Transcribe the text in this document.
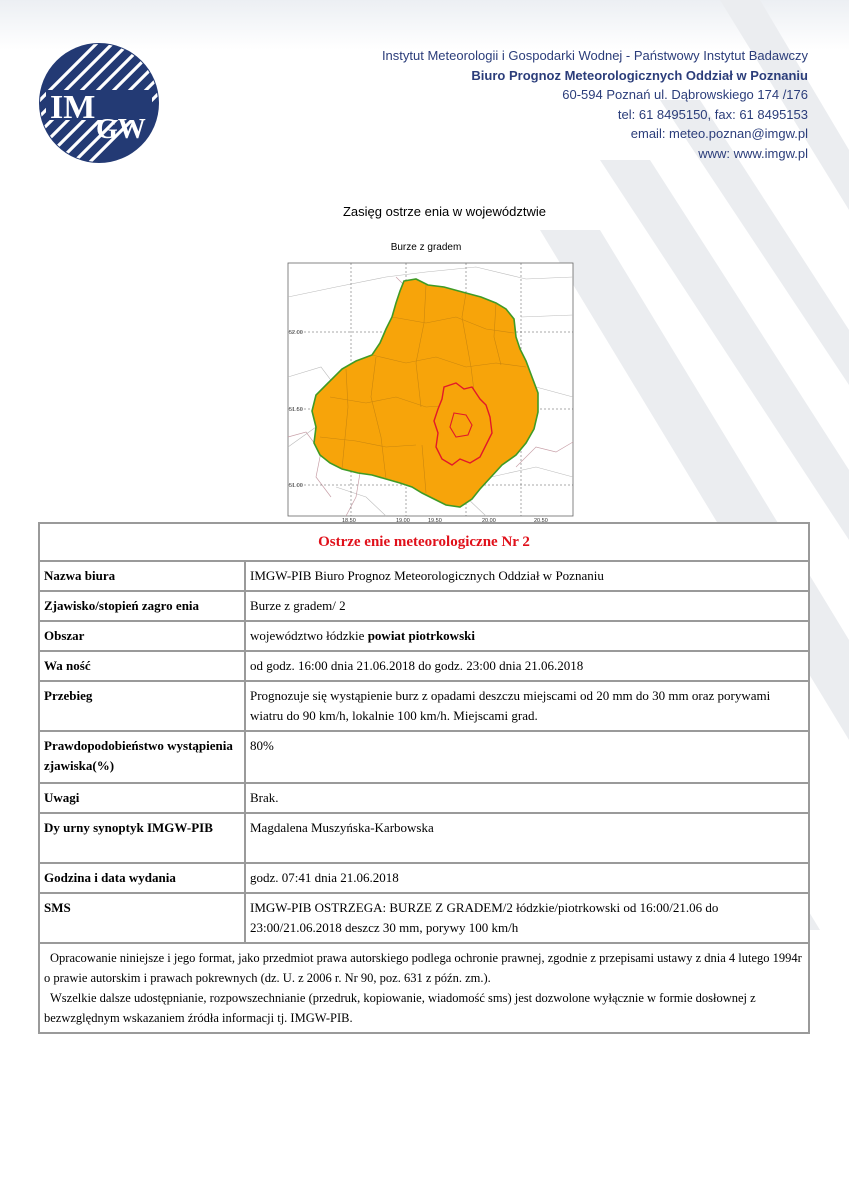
IM
GW
Instytut Meteorologii i Gospodarki Wodnej - Państwowy Instytut Badawczy
Biuro Prognoz Meteorologicznych Oddział w Poznaniu
60-594 Poznań ul. Dąbrowskiego 174 /176
tel: 61 8495150, fax: 61 8495153
email: meteo.poznan@imgw.pl
www: www.imgw.pl
Zasięg ostrze enia w województwie
52.00
51.50
51.00
18.50	19.00	19.50	20.00	20.50
Burze z gradem
Ostrze enie meteorologiczne Nr 2	
Nazwa biura	IMGW-PIB Biuro Prognoz Meteorologicznych Oddział w Poznaniu
Zjawisko/stopień zagro enia	Burze z gradem/ 2
Obszar	województwo łódzkie powiat piotrkowski
Wa ność	od godz. 16:00 dnia 21.06.2018 do godz. 23:00 dnia 21.06.2018
Przebieg	Prognozuje się wystąpienie burz z opadami deszczu miejscami od 20 mm do 30 mm oraz porywami wiatru do 90 km/h, lokalnie 100 km/h. Miejscami grad.
Prawdopodobieństwo wystąpienia zjawiska(%)	80%
Uwagi	Brak.
Dy urny synoptyk IMGW-PIB	Magdalena Muszyńska-Karbowska
Godzina i data wydania	godz. 07:41 dnia 21.06.2018
SMS	IMGW-PIB OSTRZEGA: BURZE Z GRADEM/2 łódzkie/piotrkowski od 16:00/21.06 do 23:00/21.06.2018 deszcz 30 mm, porywy 100 km/h

Opracowanie niniejsze i jego format, jako przedmiot prawa autorskiego podlega ochronie prawnej, zgodnie z przepisami ustawy z dnia 4 lutego 1994r o prawie autorskim i prawach pokrewnych (dz. U. z 2006 r. Nr 90, poz. 631 z późn. zm.).
Wszelkie dalsze udostępnianie, rozpowszechnianie (przedruk, kopiowanie, wiadomość sms) jest dozwolone wyłącznie w formie dosłownej z bezwzględnym wskazaniem źródła informacji tj. IMGW-PIB.	
